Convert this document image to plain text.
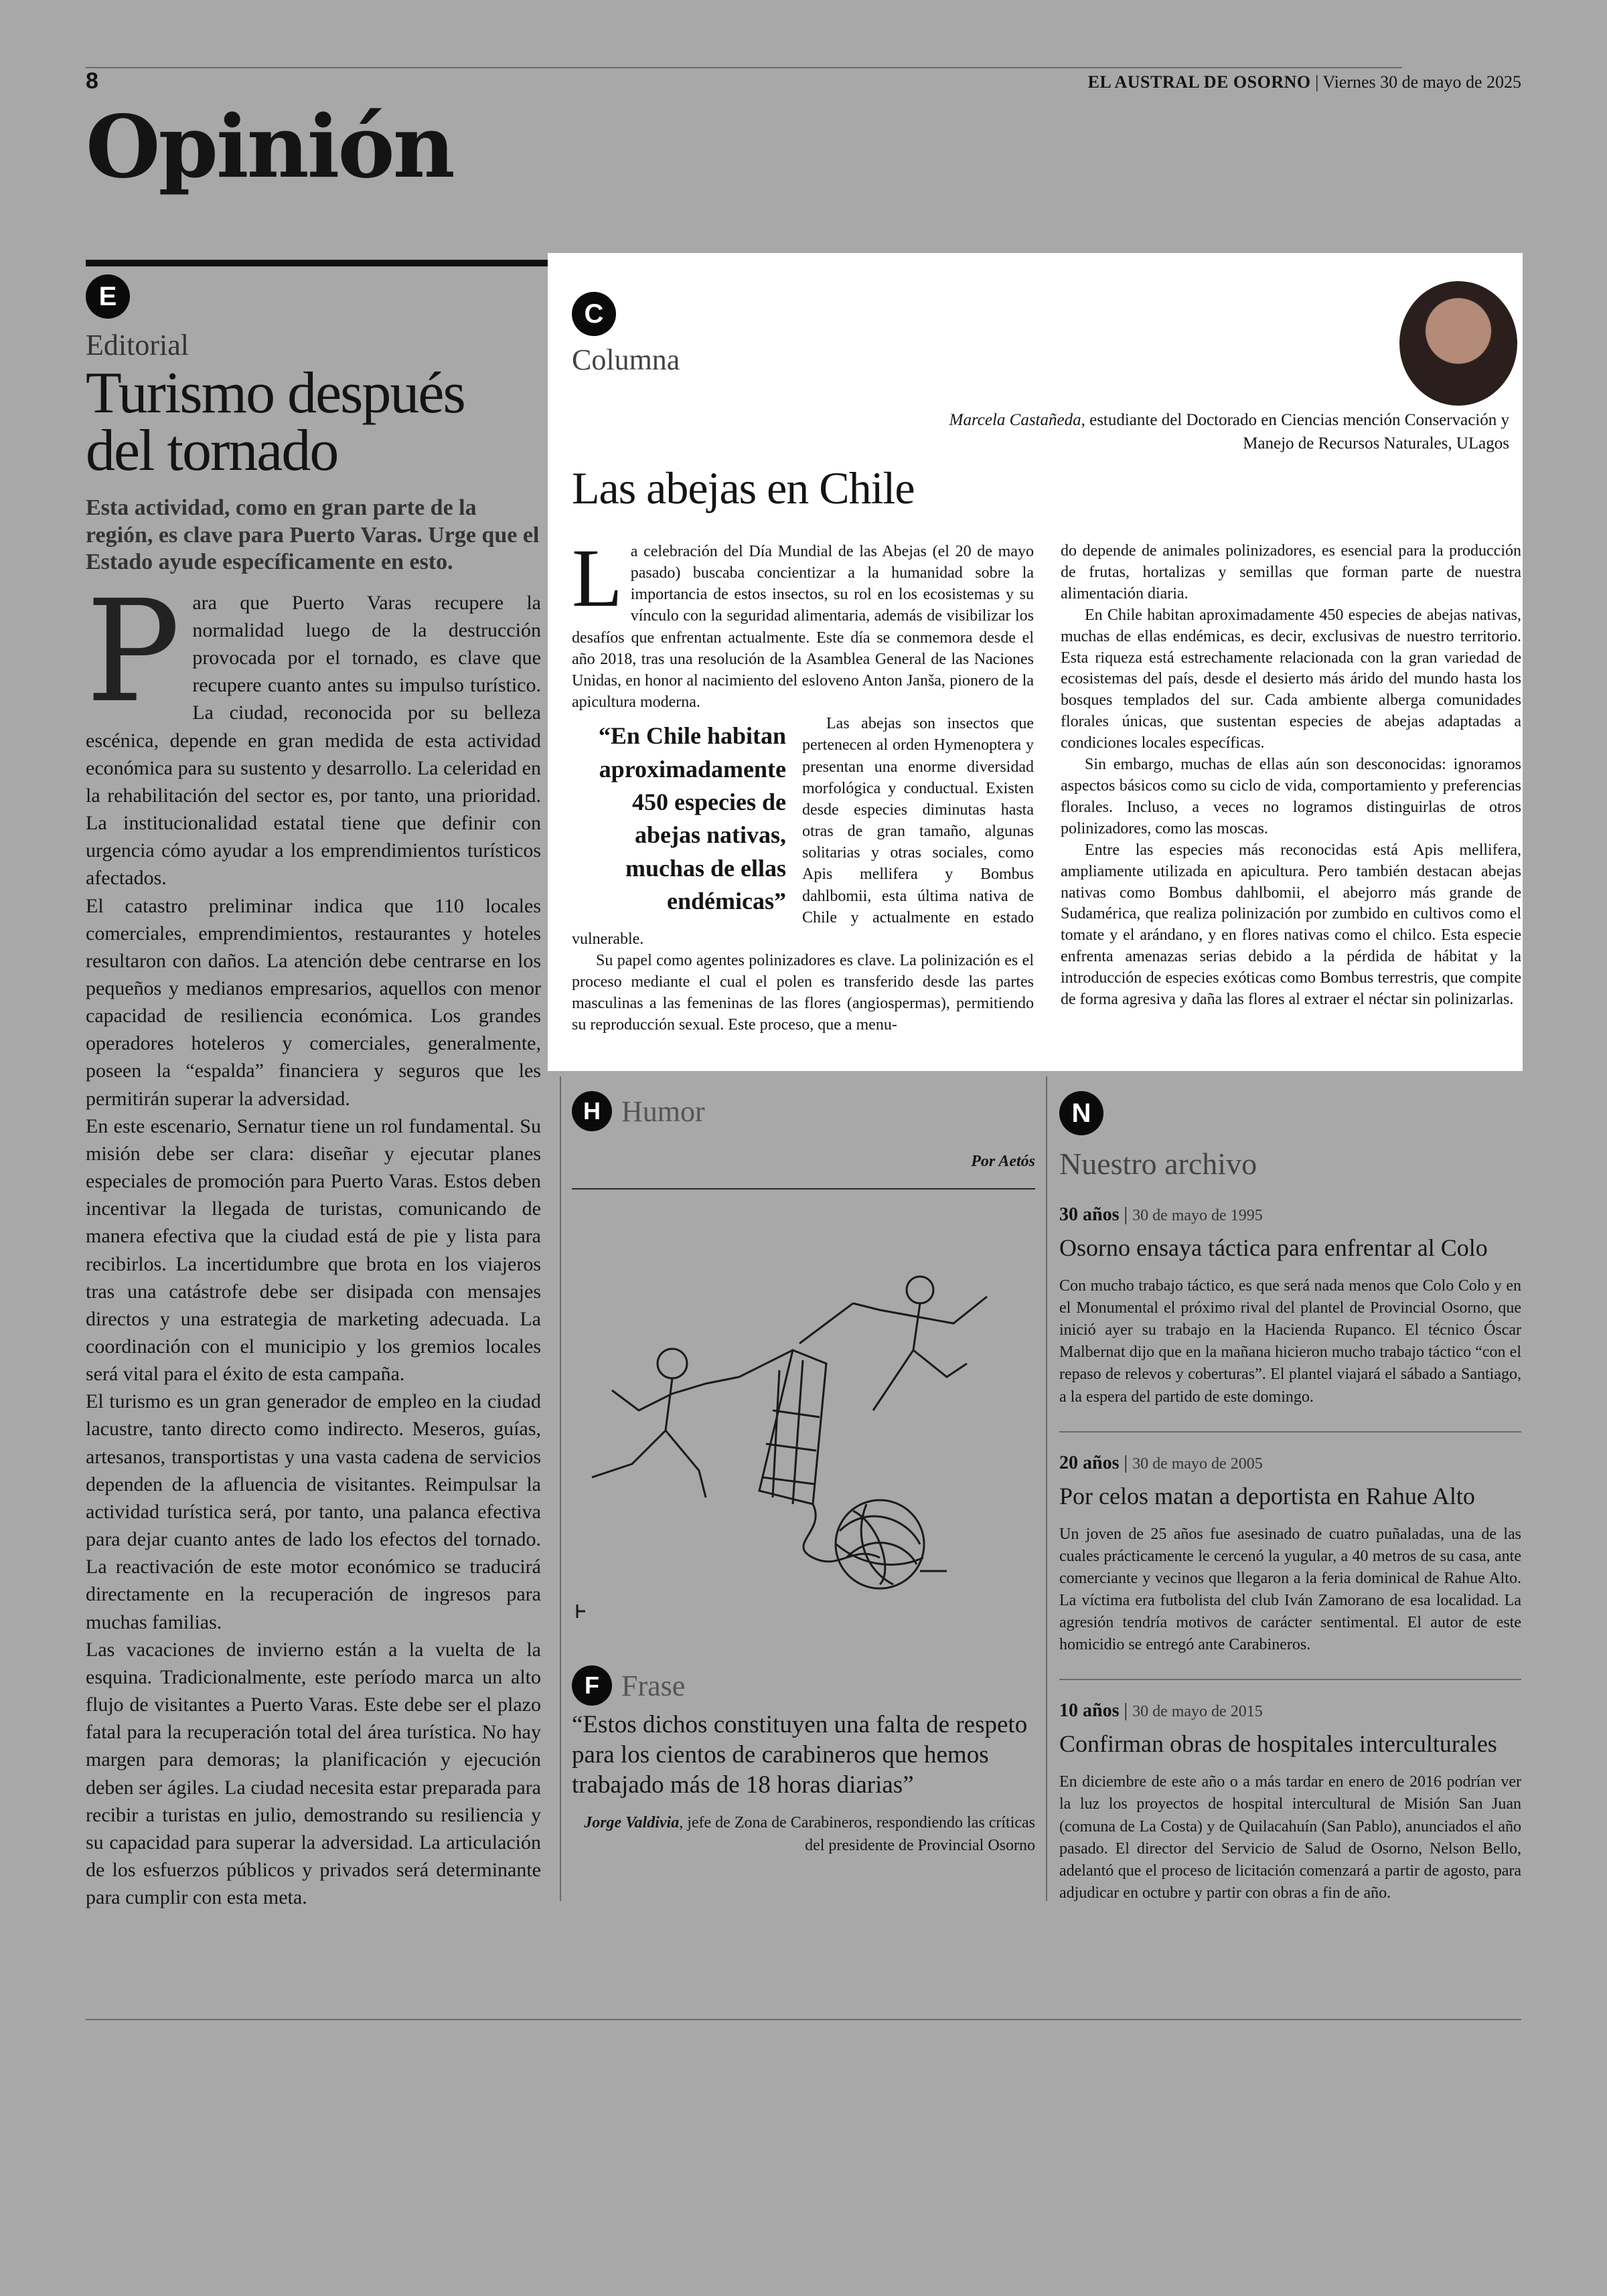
8	EL AUSTRAL DE OSORNO | Viernes 30 de mayo de 2025
Opinión
E
Editorial
Turismo después
del tornado
Esta actividad, como en gran parte de la región, es clave para Puerto Varas. Urge que el Estado ayude específicamente en esto.
P ara que Puerto Varas recupere la normalidad luego de la destrucción provocada por el tornado, es clave que recupere cuanto antes su impulso turístico. La ciudad, reconocida por su belleza escénica, depende en gran medida de esta actividad económica para su sustento y desarrollo. La celeridad en la rehabilitación del sector es, por tanto, una prioridad. La institucionalidad estatal tiene que definir con urgencia cómo ayudar a los emprendimientos turísticos afectados.

El catastro preliminar indica que 110 locales comerciales, emprendimientos, restaurantes y hoteles resultaron con daños. La atención debe centrarse en los pequeños y medianos empresarios, aquellos con menor capacidad de resiliencia económica. Los grandes operadores hoteleros y comerciales, generalmente, poseen la “espalda” financiera y seguros que les permitirán superar la adversidad.

En este escenario, Sernatur tiene un rol fundamental. Su misión debe ser clara: diseñar y ejecutar planes especiales de promoción para Puerto Varas. Estos deben incentivar la llegada de turistas, comunicando de manera efectiva que la ciudad está de pie y lista para recibirlos. La incertidumbre que brota en los viajeros tras una catástrofe debe ser disipada con mensajes directos y una estrategia de marketing adecuada. La coordinación con el municipio y los gremios locales será vital para el éxito de esta campaña.

El turismo es un gran generador de empleo en la ciudad lacustre, tanto directo como indirecto. Meseros, guías, artesanos, transportistas y una vasta cadena de servicios dependen de la afluencia de visitantes. Reimpulsar la actividad turística será, por tanto, una palanca efectiva para dejar cuanto antes de lado los efectos del tornado. La reactivación de este motor económico se traducirá directamente en la recuperación de ingresos para muchas familias.

Las vacaciones de invierno están a la vuelta de la esquina. Tradicionalmente, este período marca un alto flujo de visitantes a Puerto Varas. Este debe ser el plazo fatal para la recuperación total del área turística. No hay margen para demoras; la planificación y ejecución deben ser ágiles. La ciudad necesita estar preparada para recibir a turistas en julio, demostrando su resiliencia y su capacidad para superar la adversidad. La articulación de los esfuerzos públicos y privados será determinante para cumplir con esta meta.

C
Columna
Marcela Castañeda, estudiante del Doctorado en Ciencias mención Conservación y Manejo de Recursos Naturales, ULagos
Las abejas en Chile
L a celebración del Día Mundial de las Abejas (el 20 de mayo pasado) buscaba concientizar a la humanidad sobre la importancia de estos insectos, su rol en los ecosistemas y su vínculo con la seguridad alimentaria, además de visibilizar los desafíos que enfrentan actualmente. Este día se conmemora desde el año 2018, tras una resolución de la Asamblea General de las Naciones Unidas, en honor al nacimiento del esloveno Anton Janša, pionero de la apicultura moderna.

“En Chile habitan aproximadamente 450 especies de abejas nativas, muchas de ellas endémicas”

Las abejas son insectos que pertenecen al orden Hymenoptera y presentan una enorme diversidad morfológica y conductual. Existen desde especies diminutas hasta otras de gran tamaño, algunas solitarias y otras sociales, como Apis mellifera y Bombus dahlbomii, esta última nativa de Chile y actualmente en estado vulnerable.

Su papel como agentes polinizadores es clave. La polinización es el proceso mediante el cual el polen es transferido desde las partes masculinas a las femeninas de las flores (angiospermas), permitiendo su reproducción sexual. Este proceso, que a menu-

do depende de animales polinizadores, es esencial para la producción de frutas, hortalizas y semillas que forman parte de nuestra alimentación diaria.

En Chile habitan aproximadamente 450 especies de abejas nativas, muchas de ellas endémicas, es decir, exclusivas de nuestro territorio. Esta riqueza está estrechamente relacionada con la gran variedad de ecosistemas del país, desde el desierto más árido del mundo hasta los bosques templados del sur. Cada ambiente alberga comunidades florales únicas, que sustentan especies de abejas adaptadas a condiciones locales específicas.

Sin embargo, muchas de ellas aún son desconocidas: ignoramos aspectos básicos como su ciclo de vida, comportamiento y preferencias florales. Incluso, a veces no logramos distinguirlas de otros polinizadores, como las moscas.

Entre las especies más reconocidas está Apis mellifera, ampliamente utilizada en apicultura. Pero también destacan abejas nativas como Bombus dahlbomii, el abejorro más grande de Sudamérica, que realiza polinización por zumbido en cultivos como el tomate y el arándano, y en flores nativas como el chilco. Esta especie enfrenta amenazas serias debido a la pérdida de hábitat y la introducción de especies exóticas como Bombus terrestris, que compite de forma agresiva y daña las flores al extraer el néctar sin polinizarlas.

H Humor
Por Aetós
F Frase
“Estos dichos constituyen una falta de respeto para los cientos de carabineros que hemos trabajado más de 18 horas diarias”
Jorge Valdivia, jefe de Zona de Carabineros, respondiendo las críticas del presidente de Provincial Osorno
N
Nuestro archivo
30 años | 30 de mayo de 1995
Osorno ensaya táctica para enfrentar al Colo
Con mucho trabajo táctico, es que será nada menos que Colo Colo y en el Monumental el próximo rival del plantel de Provincial Osorno, que inició ayer su trabajo en la Hacienda Rupanco. El técnico Óscar Malbernat dijo que en la mañana hicieron mucho trabajo táctico “con el repaso de relevos y coberturas”. El plantel viajará el sábado a Santiago, a la espera del partido de este domingo.
20 años | 30 de mayo de 2005
Por celos matan a deportista en Rahue Alto
Un joven de 25 años fue asesinado de cuatro puñaladas, una de las cuales prácticamente le cercenó la yugular, a 40 metros de su casa, ante comerciante y vecinos que llegaron a la feria dominical de Rahue Alto. La víctima era futbolista del club Iván Zamorano de esa localidad. La agresión tendría motivos de carácter sentimental. El autor de este homicidio se entregó ante Carabineros.
10 años | 30 de mayo de 2015
Confirman obras de hospitales interculturales
En diciembre de este año o a más tardar en enero de 2016 podrían ver la luz los proyectos de hospital intercultural de Misión San Juan (comuna de La Costa) y de Quilacahuín (San Pablo), anunciados el año pasado. El director del Servicio de Salud de Osorno, Nelson Bello, adelantó que el proceso de licitación comenzará a partir de agosto, para adjudicar en octubre y partir con obras a fin de año.
